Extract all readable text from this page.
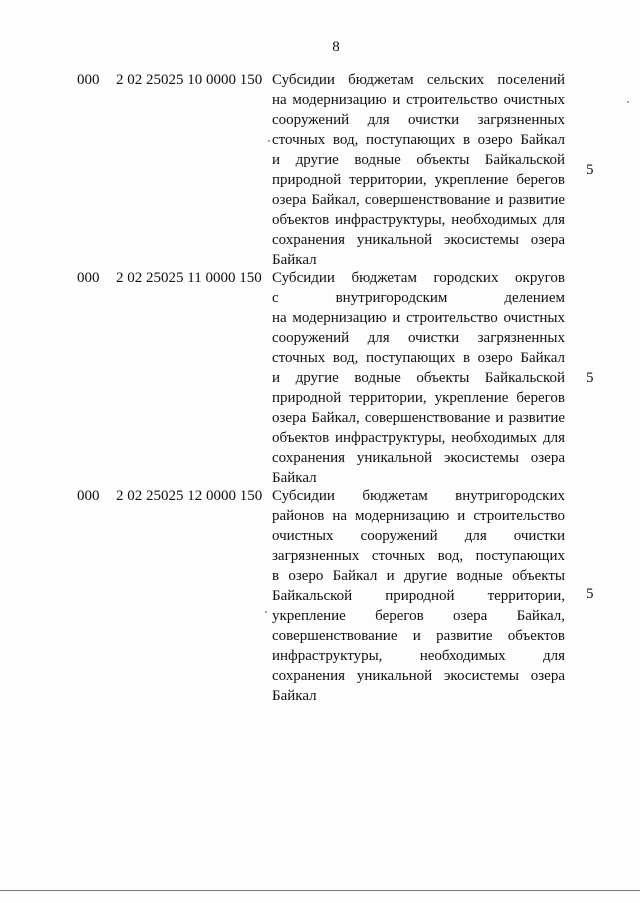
8
000 2 02 25025 10 0000 150 Субсидии бюджетам сельских поселений
на модернизацию и строительство очистных
сооружений для очистки загрязненных
сточных вод, поступающих в озеро Байкал
и другие водные объекты Байкальской
природной территории, укрепление берегов
озера Байкал, совершенствование и развитие
объектов инфраструктуры, необходимых для
сохранения уникальной экосистемы озера
Байкал
5
000 2 02 25025 11 0000 150 Субсидии бюджетам городских округов
с внутригородским делением
на модернизацию и строительство очистных
сооружений для очистки загрязненных
сточных вод, поступающих в озеро Байкал
и другие водные объекты Байкальской
природной территории, укрепление берегов
озера Байкал, совершенствование и развитие
объектов инфраструктуры, необходимых для
сохранения уникальной экосистемы озера
Байкал
5
000 2 02 25025 12 0000 150 Субсидии бюджетам внутригородских
районов на модернизацию и строительство
очистных сооружений для очистки
загрязненных сточных вод, поступающих
в озеро Байкал и другие водные объекты
Байкальской природной территории,
укрепление берегов озера Байкал,
совершенствование и развитие объектов
инфраструктуры, необходимых для
сохранения уникальной экосистемы озера
Байкал
5
